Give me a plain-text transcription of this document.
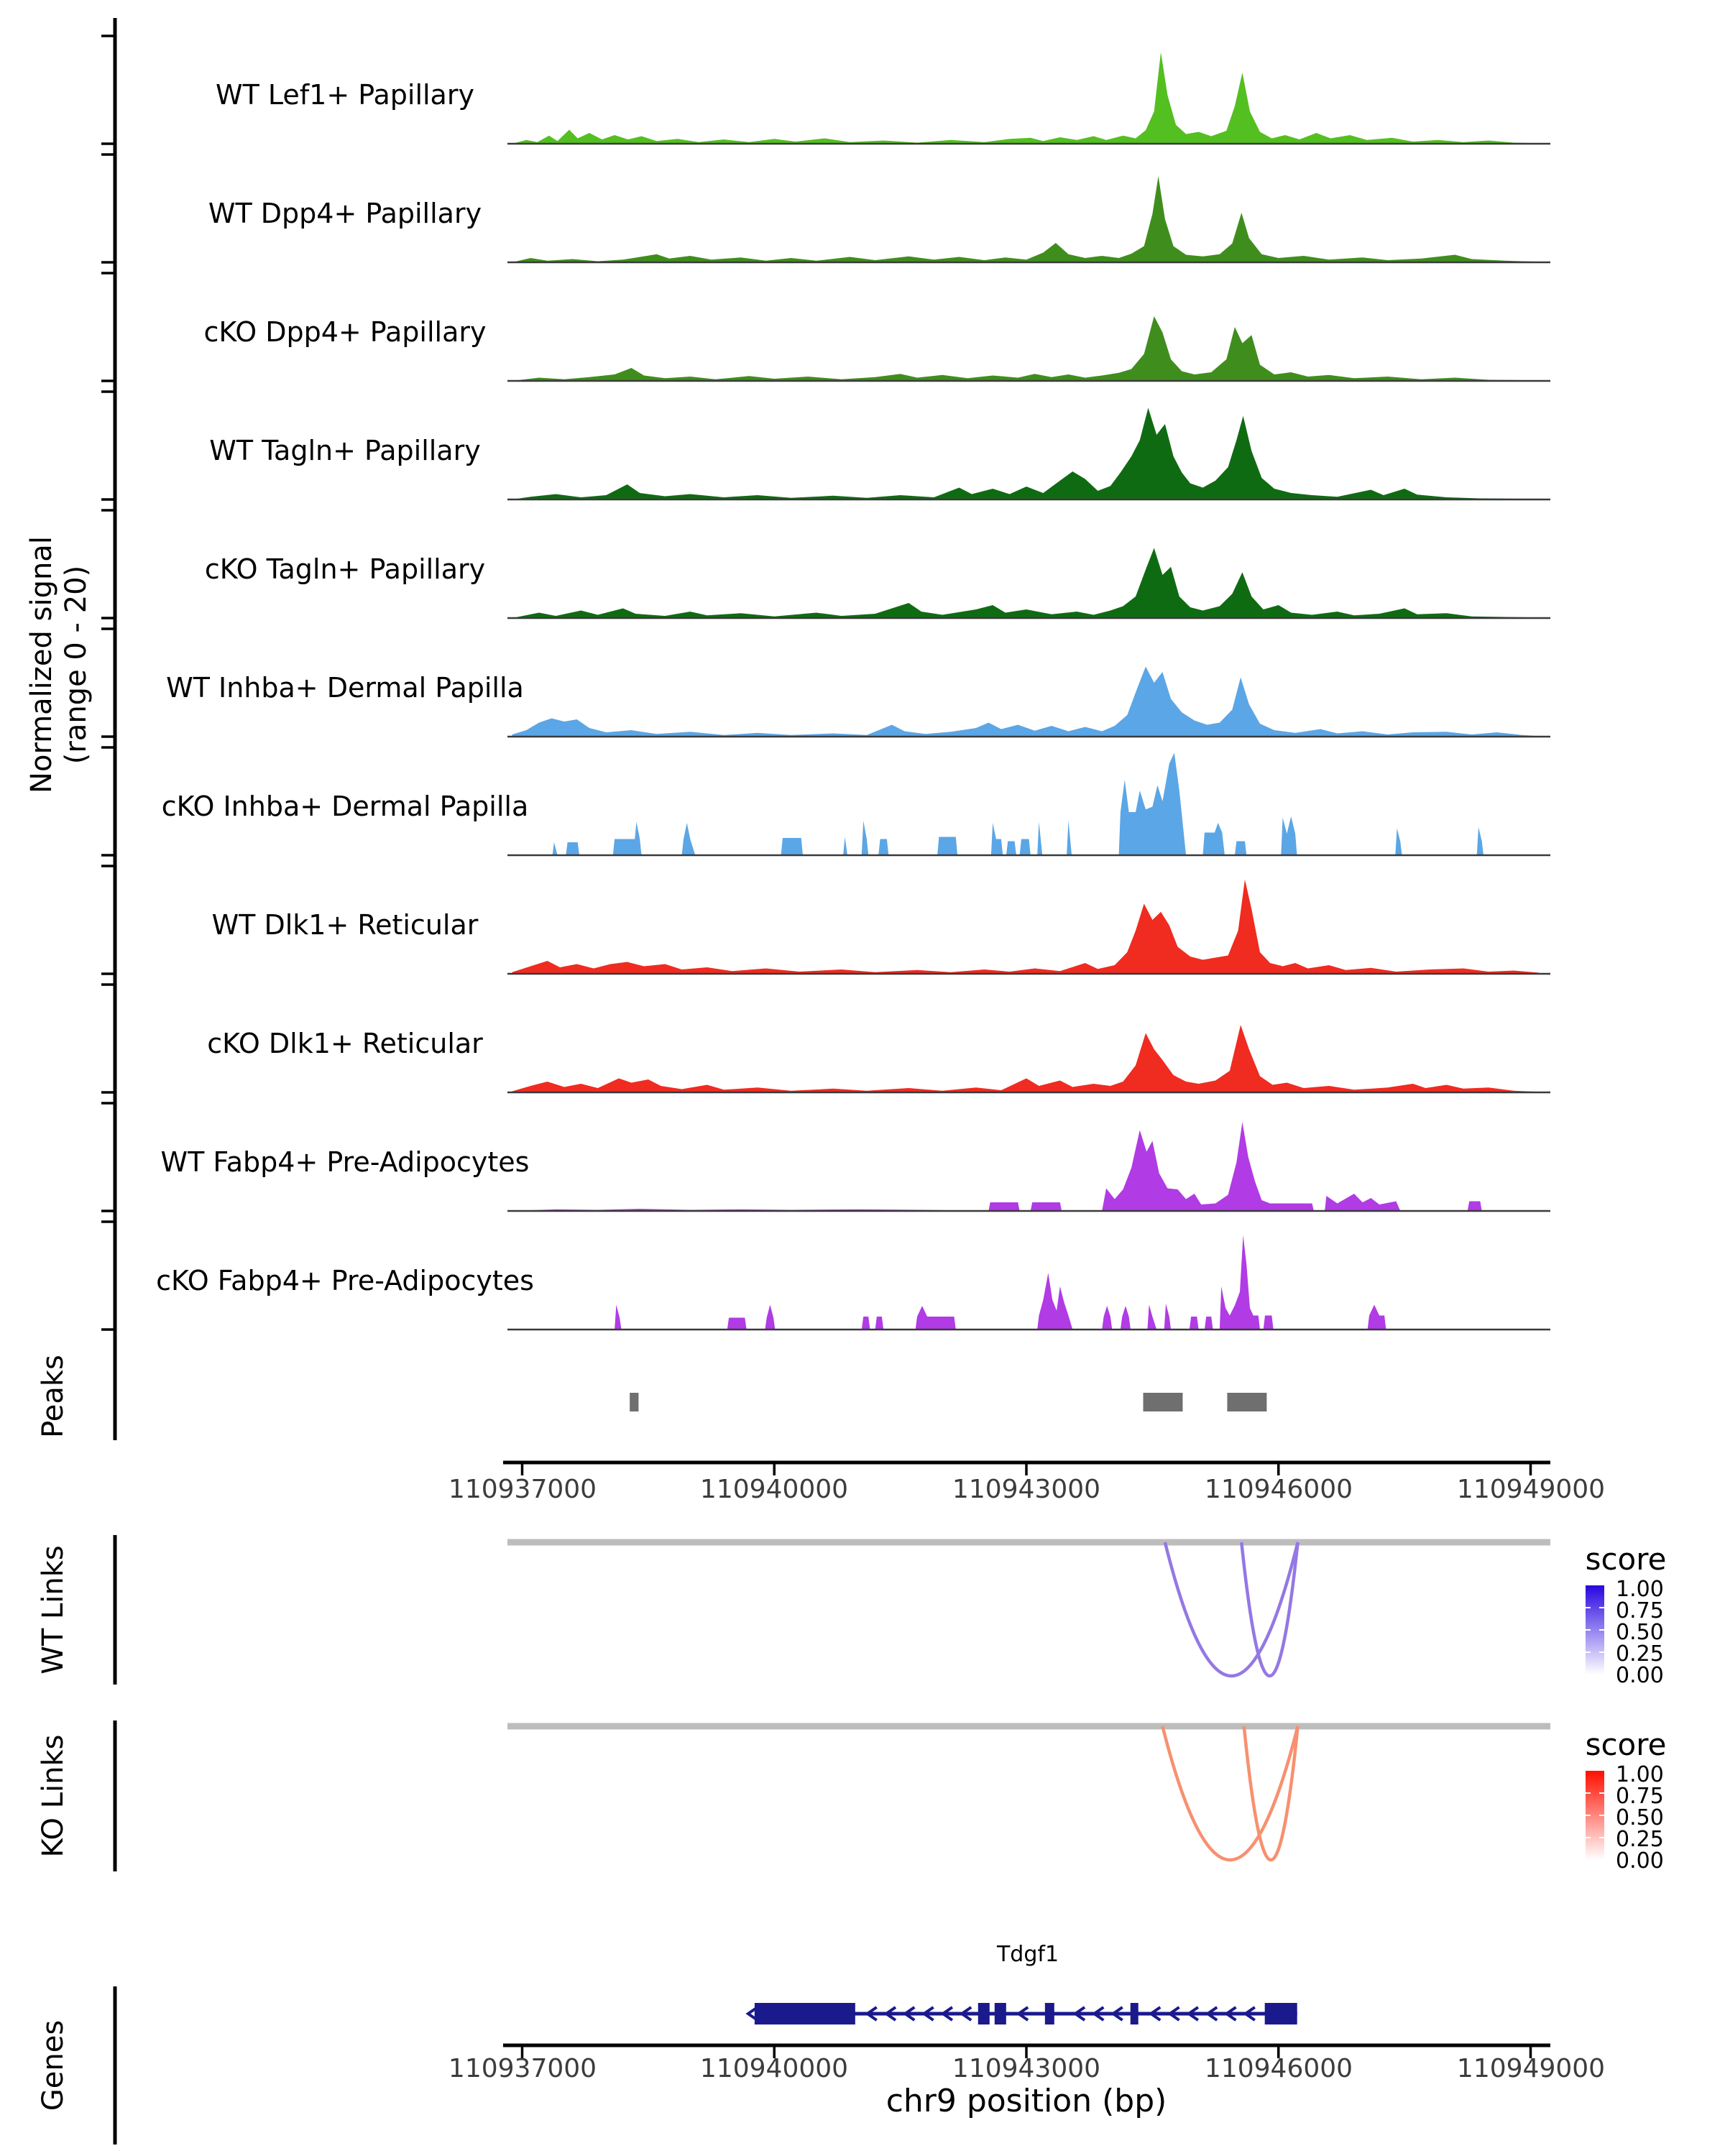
Normalized signal (range 0 - 20)
Peaks
WT Links
KO Links
Genes
WT Lef1+ Papillary
WT Dpp4+ Papillary
cKO Dpp4+ Papillary
WT Tagln+ Papillary
cKO Tagln+ Papillary
WT Inhba+ Dermal Papilla
cKO Inhba+ Dermal Papilla
WT Dlk1+ Reticular
cKO Dlk1+ Reticular
WT Fabp4+ Pre-Adipocytes
cKO Fabp4+ Pre-Adipocytes
110937000	110940000	110943000	110946000	110949000
110937000	110940000	110943000	110946000	110949000
score
1.00
0.75
0.50
0.25
0.00
score
1.00
0.75
0.50
0.25
0.00
Tdgf1
chr9 position (bp)
